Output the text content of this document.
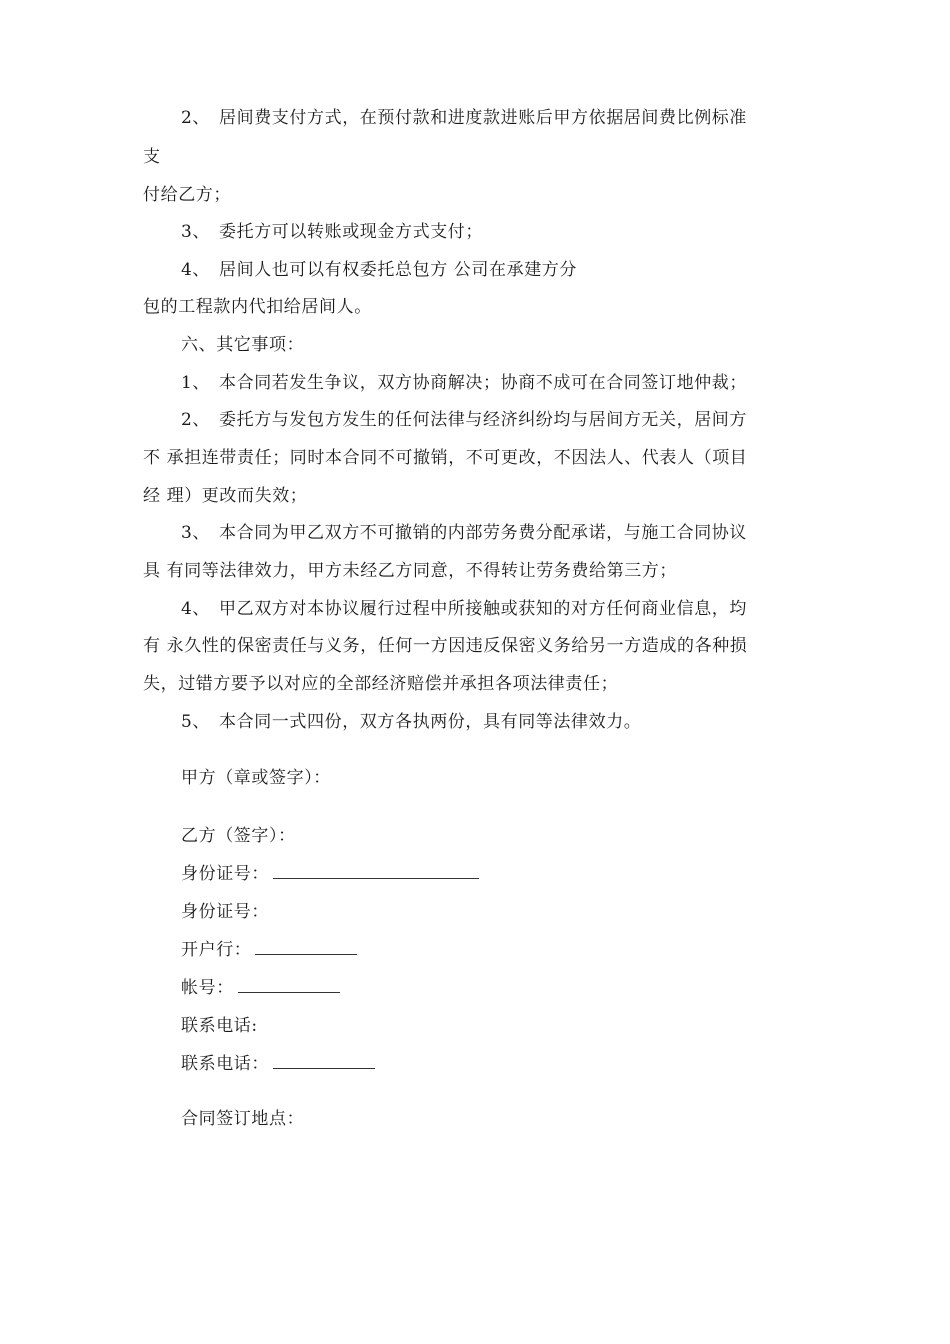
2、 居间费支付方式，在预付款和进度款进账后甲方依据居间费比例标准
支
付给乙方；
3、 委托方可以转账或现金方式支付；
4、 居间人也可以有权委托总包方 公司在承建方分
包的工程款内代扣给居间人。
六、其它事项：
1、 本合同若发生争议，双方协商解决；协商不成可在合同签订地仲裁；
2、 委托方与发包方发生的任何法律与经济纠纷均与居间方无关，居间方
不 承担连带责任；同时本合同不可撤销，不可更改，不因法人、代表人（项目
经 理）更改而失效；
3、 本合同为甲乙双方不可撤销的内部劳务费分配承诺，与施工合同协议
具 有同等法律效力，甲方未经乙方同意，不得转让劳务费给第三方；
4、 甲乙双方对本协议履行过程中所接触或获知的对方任何商业信息，均
有 永久性的保密责任与义务，任何一方因违反保密义务给另一方造成的各种损
失，过错方要予以对应的全部经济赔偿并承担各项法律责任；
5、 本合同一式四份，双方各执两份，具有同等法律效力。
甲方（章或签字）：
乙方（签字）：
身份证号：
身份证号：
开户行：
帐号：
联系电话:
联系电话：
合同签订地点：
